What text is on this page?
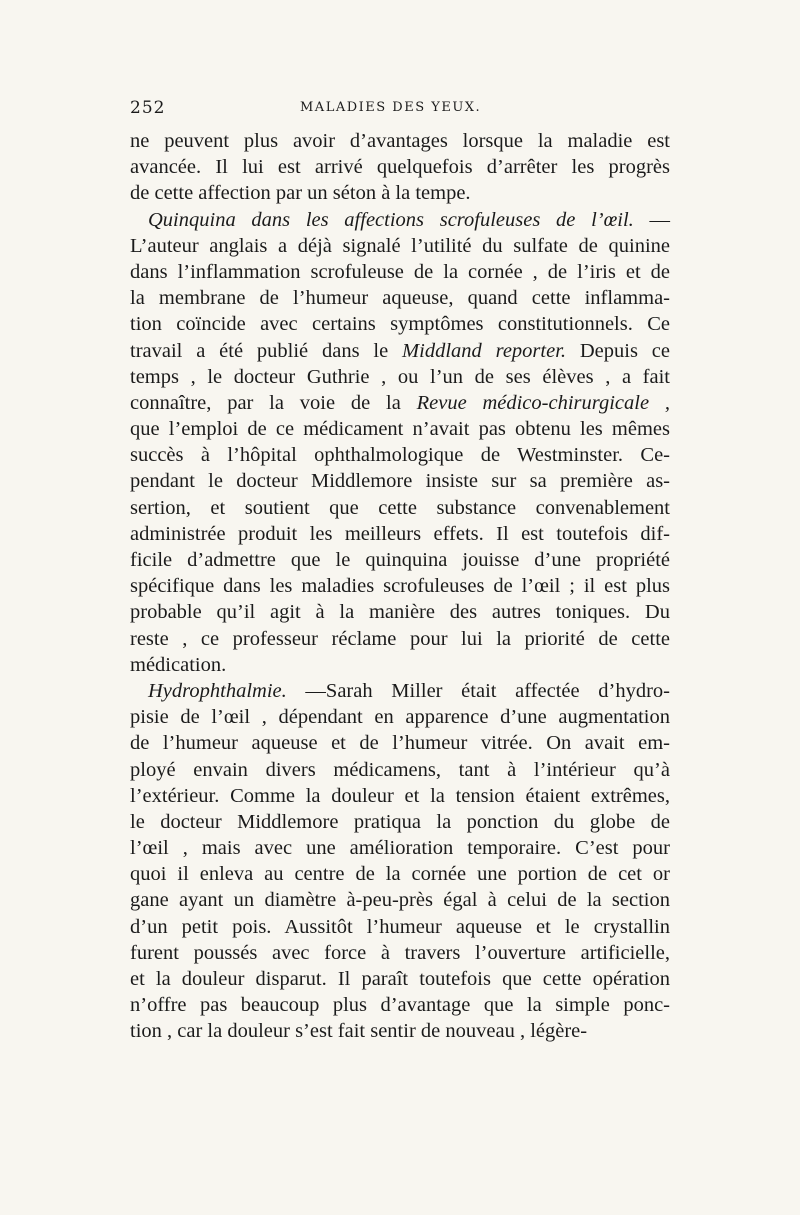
252	MALADIES DES YEUX.
ne peuvent plus avoir d’avantages lorsque la maladie est
avancée. Il lui est arrivé quelquefois d’arrêter les progrès
de cette affection par un séton à la tempe.
Quinquina dans les affections scrofuleuses de l’œil. —
L’auteur anglais a déjà signalé l’utilité du sulfate de quinine
dans l’inflammation scrofuleuse de la cornée , de l’iris et de
la membrane de l’humeur aqueuse, quand cette inflamma-
tion coïncide avec certains symptômes constitutionnels. Ce
travail a été publié dans le Middland reporter. Depuis ce
temps , le docteur Guthrie , ou l’un de ses élèves , a fait
connaître, par la voie de la Revue médico-chirurgicale ,
que l’emploi de ce médicament n’avait pas obtenu les mêmes
succès à l’hôpital ophthalmologique de Westminster. Ce-
pendant le docteur Middlemore insiste sur sa première as-
sertion, et soutient que cette substance convenablement
administrée produit les meilleurs effets. Il est toutefois dif-
ficile d’admettre que le quinquina jouisse d’une propriété
spécifique dans les maladies scrofuleuses de l’œil ; il est plus
probable qu’il agit à la manière des autres toniques. Du
reste , ce professeur réclame pour lui la priorité de cette
médication.
Hydrophthalmie. —Sarah Miller était affectée d’hydro-
pisie de l’œil , dépendant en apparence d’une augmentation
de l’humeur aqueuse et de l’humeur vitrée. On avait em-
ployé envain divers médicamens, tant à l’intérieur qu’à
l’extérieur. Comme la douleur et la tension étaient extrêmes,
le docteur Middlemore pratiqua la ponction du globe de
l’œil , mais avec une amélioration temporaire. C’est pour
quoi il enleva au centre de la cornée une portion de cet or
gane ayant un diamètre à-peu-près égal à celui de la section
d’un petit pois. Aussitôt l’humeur aqueuse et le crystallin
furent poussés avec force à travers l’ouverture artificielle,
et la douleur disparut. Il paraît toutefois que cette opération
n’offre pas beaucoup plus d’avantage que la simple ponc-
tion , car la douleur s’est fait sentir de nouveau , légère-
